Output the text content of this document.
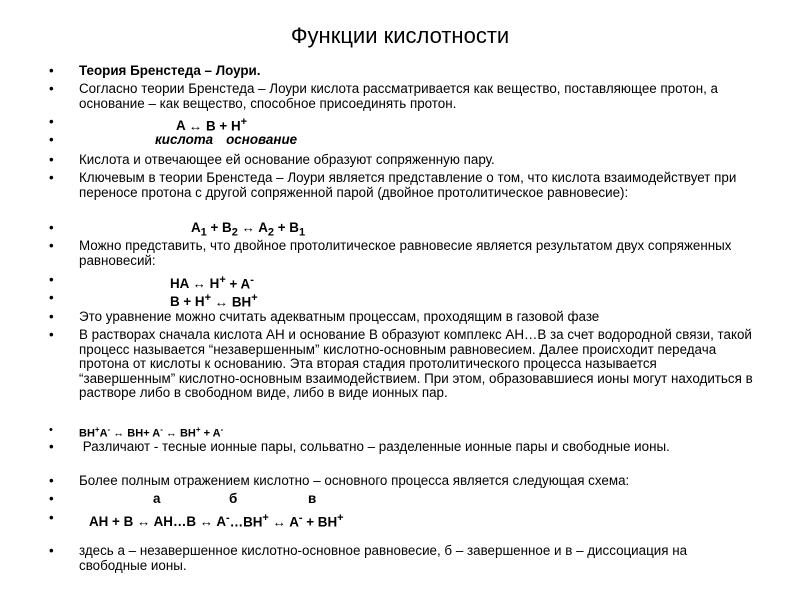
Функции кислотности
• Теория Бренстеда – Лоури.
• Согласно теории Бренстеда – Лоури кислота рассматривается как вещество, поставляющее протон, а основание – как вещество, способное присоединять протон.
•	A ↔ B + H+
•	кислота основание
• Кислота и отвечающее ей основание образуют сопряженную пару.
• Ключевым в теории Бренстеда – Лоури является представление о том, что кислота взаимодействует при переносе протона с другой сопряженной парой (двойное протолитическое равновесие):
•	$A_1 + B_2$ ↔ $A_2 + B_1$
• Можно представить, что двойное протолитическое равновесие является результатом двух сопряженных равновесий:
•	HA ↔ H+ + A-
•	B + H+ ↔ BH+
• Это уравнение можно считать адекватным процессам, проходящим в газовой фазе
• В растворах сначала кислота АН и основание В образуют комплекс АН…В за счет водородной связи, такой процесс называется “незавершенным” кислотно-основным равновесием. Далее происходит передача протона от кислоты к основанию. Эта вторая стадия протолитического процесса называется “завершенным” кислотно-основным взаимодействием. При этом, образовавшиеся ионы могут находиться в растворе либо в свободном виде, либо в виде ионных пар.
• BH+A- ↔ BH+ A- ↔ BH+ + A-
• Различают - тесные ионные пары, сольватно – разделенные ионные пары и свободные ионы.
• Более полным отражением кислотно – основного процесса является следующая схема:
•	а	б	в
•	AH + B ↔ AH…B ↔ A-…BH+ ↔ A- + BH+
• здесь а – незавершенное кислотно-основное равновесие, б – завершенное и в – диссоциация на свободные ионы.
